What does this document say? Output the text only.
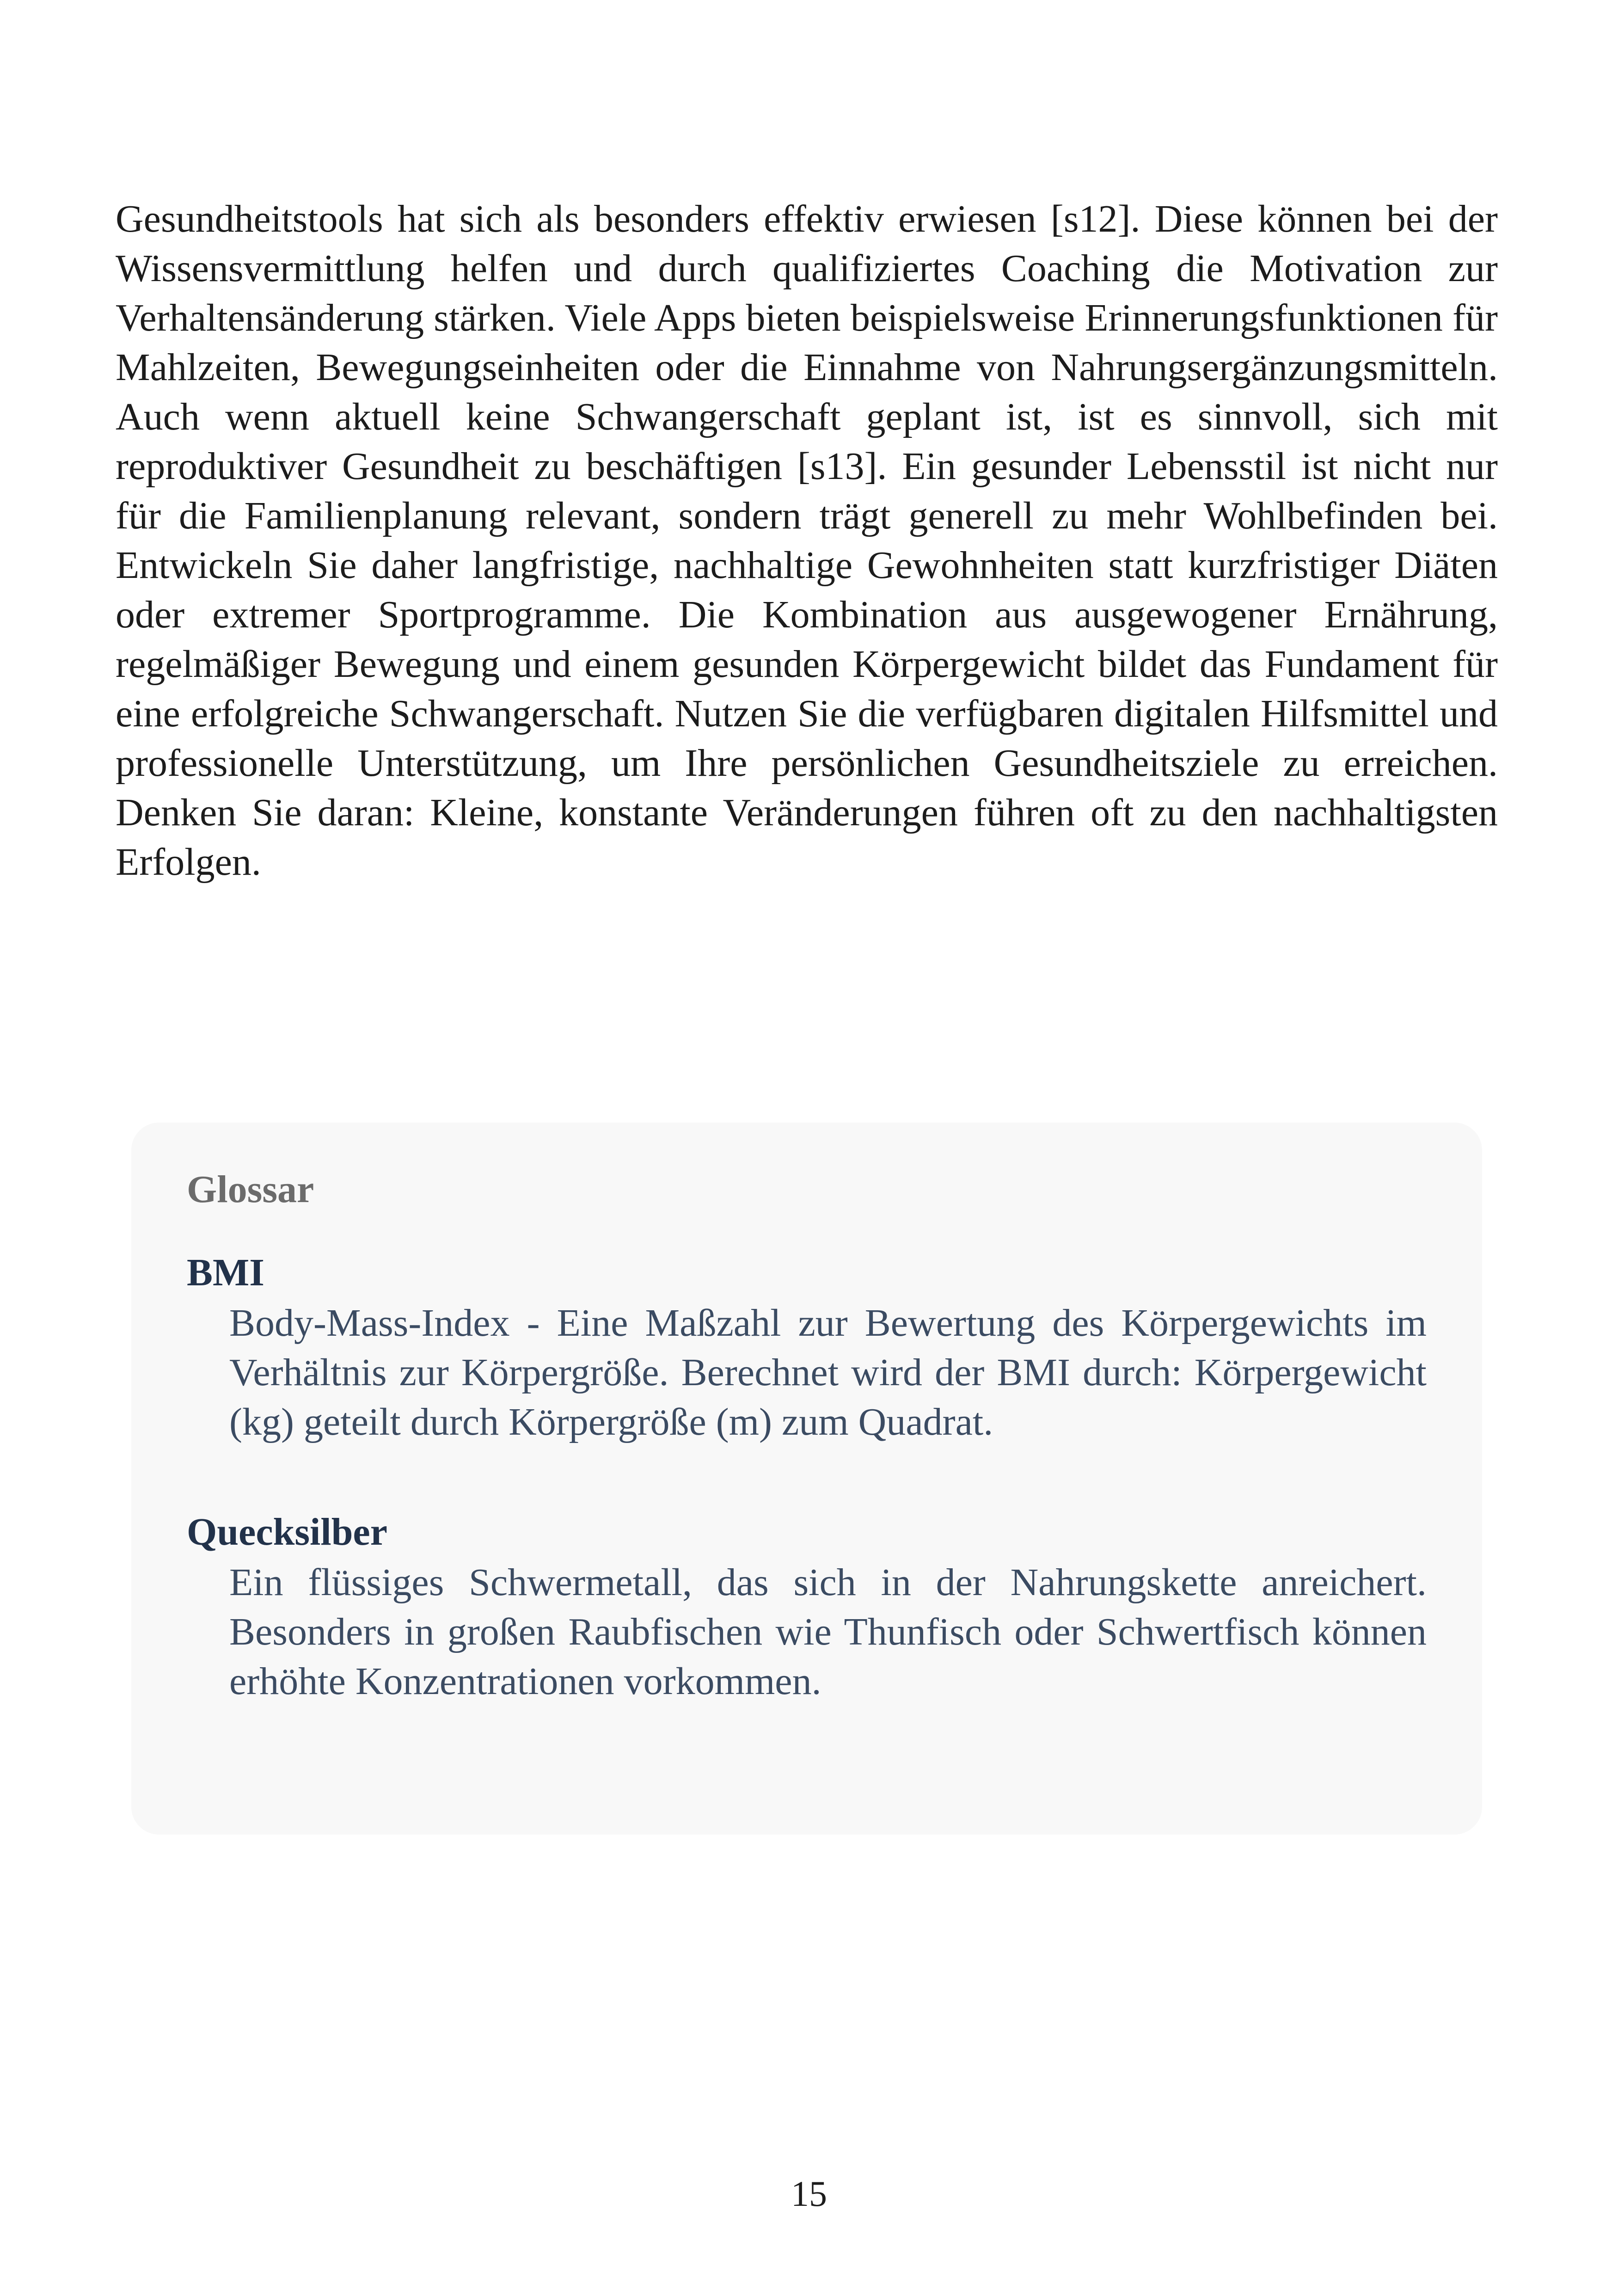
Gesundheitstools hat sich als besonders effektiv erwiesen [s12]. Diese können bei der Wissensvermittlung helfen und durch qualifiziertes Coaching die Motivation zur Verhaltensänderung stärken. Viele Apps bieten beispielsweise Erinnerungsfunktionen für Mahlzeiten, Bewegungseinheiten oder die Einnahme von Nahrungsergänzungsmitteln. Auch wenn aktuell keine Schwangerschaft geplant ist, ist es sinnvoll, sich mit reproduktiver Gesundheit zu beschäftigen [s13]. Ein gesunder Lebensstil ist nicht nur für die Familienplanung relevant, sondern trägt generell zu mehr Wohlbefinden bei. Entwickeln Sie daher langfristige, nachhaltige Gewohnheiten statt kurzfristiger Diäten oder extremer Sportprogramme. Die Kombination aus ausgewogener Ernährung, regelmäßiger Bewegung und einem gesunden Körpergewicht bildet das Fundament für eine erfolgreiche Schwangerschaft. Nutzen Sie die verfügbaren digitalen Hilfsmittel und professionelle Unterstützung, um Ihre persönlichen Gesundheitsziele zu erreichen. Denken Sie daran: Kleine, konstante Veränderungen führen oft zu den nachhaltigsten Erfolgen.

Glossar

BMI

Body-Mass-Index - Eine Maßzahl zur Bewertung des Körpergewichts im Verhältnis zur Körpergröße. Berechnet wird der BMI durch: Körpergewicht (kg) geteilt durch Körpergröße (m) zum Quadrat.

Quecksilber

Ein flüssiges Schwermetall, das sich in der Nahrungskette anreichert. Besonders in großen Raubfischen wie Thunfisch oder Schwertfisch können erhöhte Konzentrationen vorkommen.

15
